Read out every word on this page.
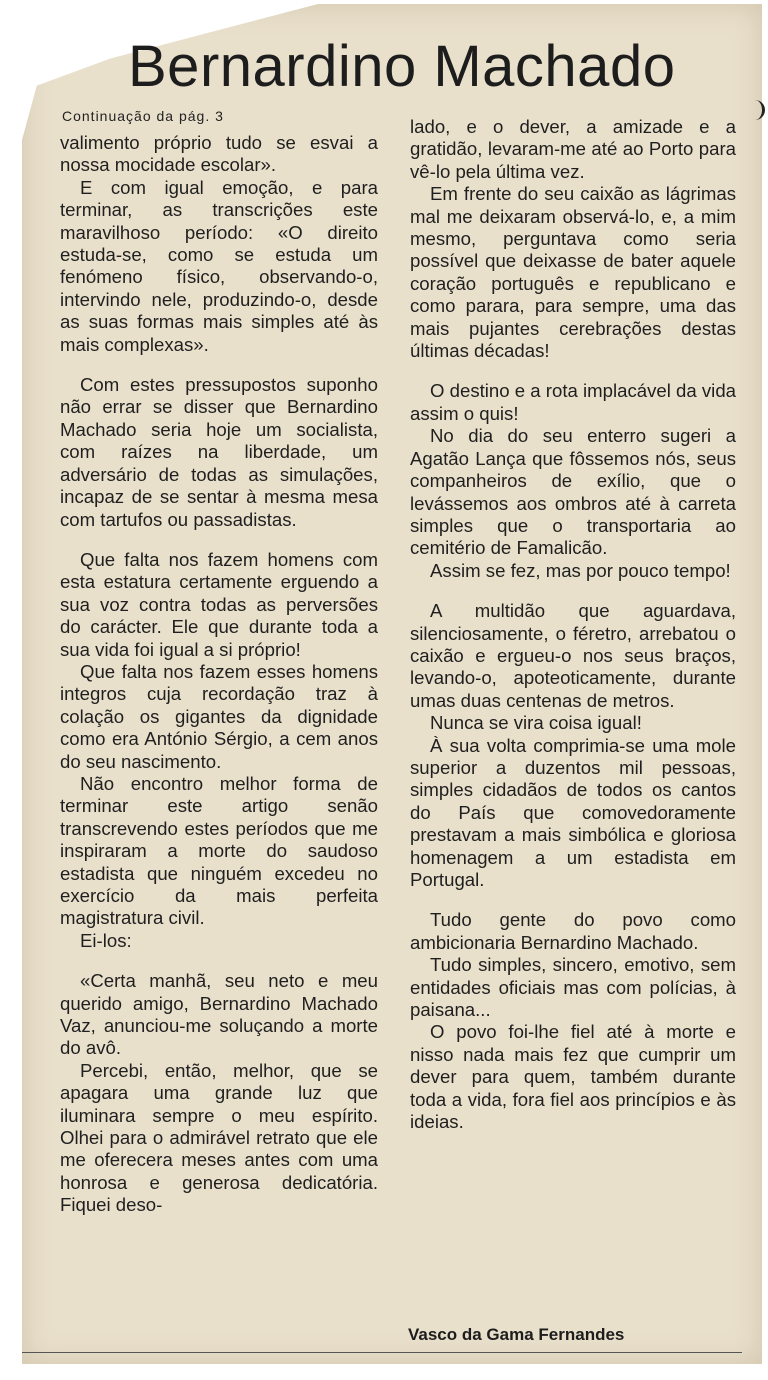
Bernardino Machado
Continuação da pág. 3

valimento próprio tudo se esvai a nossa mocidade escolar».

E com igual emoção, e para terminar, as transcrições este maravilhoso período: «O direito estuda-se, como se estuda um fenómeno físico, observando-o, intervindo nele, produzindo-o, desde as suas formas mais simples até às mais complexas».

Com estes pressupostos suponho não errar se disser que Bernardino Machado seria hoje um socialista, com raízes na liberdade, um adversário de todas as simulações, incapaz de se sentar à mesma mesa com tartufos ou passadistas.

Que falta nos fazem homens com esta estatura certamente erguendo a sua voz contra todas as perversões do carácter. Ele que durante toda a sua vida foi igual a si próprio!

Que falta nos fazem esses homens integros cuja recordação traz à colação os gigantes da dignidade como era António Sérgio, a cem anos do seu nascimento.

Não encontro melhor forma de terminar este artigo senão transcrevendo estes períodos que me inspiraram a morte do saudoso estadista que ninguém excedeu no exercício da mais perfeita magistratura civil.

Ei-los:

«Certa manhã, seu neto e meu querido amigo, Bernardino Machado Vaz, anunciou-me soluçando a morte do avô.

Percebi, então, melhor, que se apagara uma grande luz que iluminara sempre o meu espírito. Olhei para o admirável retrato que ele me oferecera meses antes com uma honrosa e generosa dedicatória. Fiquei deso-

lado, e o dever, a amizade e a gratidão, levaram-me até ao Porto para vê-lo pela última vez.

Em frente do seu caixão as lágrimas mal me deixaram observá-lo, e, a mim mesmo, perguntava como seria possível que deixasse de bater aquele coração português e republicano e como parara, para sempre, uma das mais pujantes cerebrações destas últimas décadas!

O destino e a rota implacável da vida assim o quis!

No dia do seu enterro sugeri a Agatão Lança que fôssemos nós, seus companheiros de exílio, que o levássemos aos ombros até à carreta simples que o transportaria ao cemitério de Famalicão.

Assim se fez, mas por pouco tempo!

A multidão que aguardava, silenciosamente, o féretro, arrebatou o caixão e ergueu-o nos seus braços, levando-o, apoteoticamente, durante umas duas centenas de metros.

Nunca se vira coisa igual!

À sua volta comprimia-se uma mole superior a duzentos mil pessoas, simples cidadãos de todos os cantos do País que comovedoramente prestavam a mais simbólica e gloriosa homenagem a um estadista em Portugal.

Tudo gente do povo como ambicionaria Bernardino Machado.

Tudo simples, sincero, emotivo, sem entidades oficiais mas com polícias, à paisana...

O povo foi-lhe fiel até à morte e nisso nada mais fez que cumprir um dever para quem, também durante toda a vida, fora fiel aos princípios e às ideias.

Vasco da Gama Fernandes
